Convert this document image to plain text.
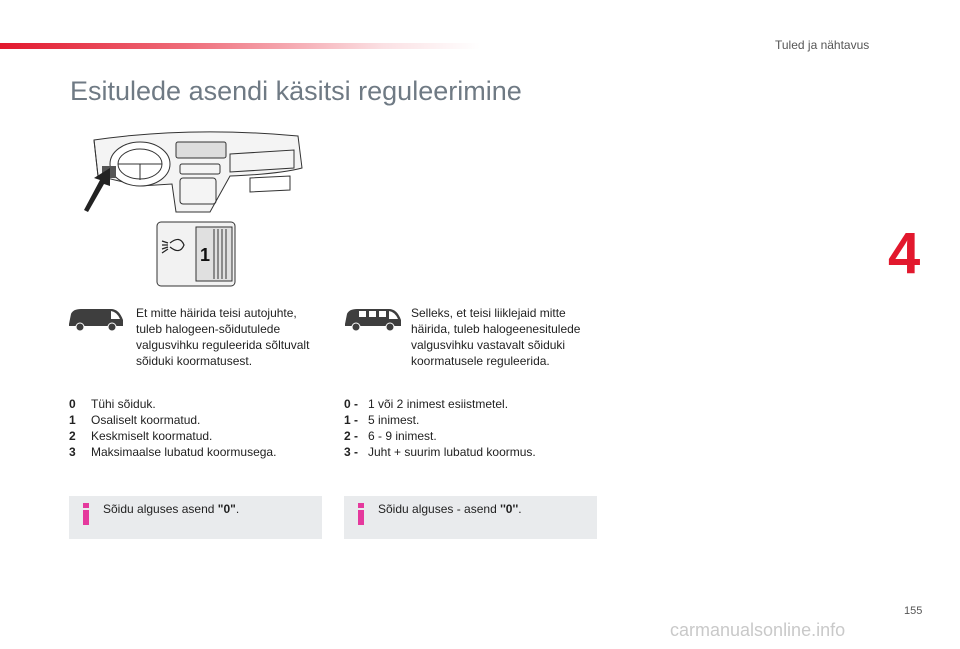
Tuled ja nähtavus
Esitulede asendi käsitsi reguleerimine
4
1
Et mitte häirida teisi autojuhte,
tuleb halogeen-sõidutulede
valgusvihku reguleerida sõltuvalt
sõiduki koormatusest.
Selleks, et teisi liiklejaid mitte
häirida, tuleb halogeenesitulede
valgusvihku vastavalt sõiduki
koormatusele reguleerida.
0	Tühi sõiduk.
1	Osaliselt koormatud.
2	Keskmiselt koormatud.
3	Maksimaalse lubatud koormusega.
0 - 1 või 2 inimest esiistmetel.
1 - 5 inimest.
2 - 6 - 9 inimest.
3 - Juht + suurim lubatud koormus.
Sõidu alguses asend "0".	Sõidu alguses - asend ''0''.
155
carmanualsonline.info
